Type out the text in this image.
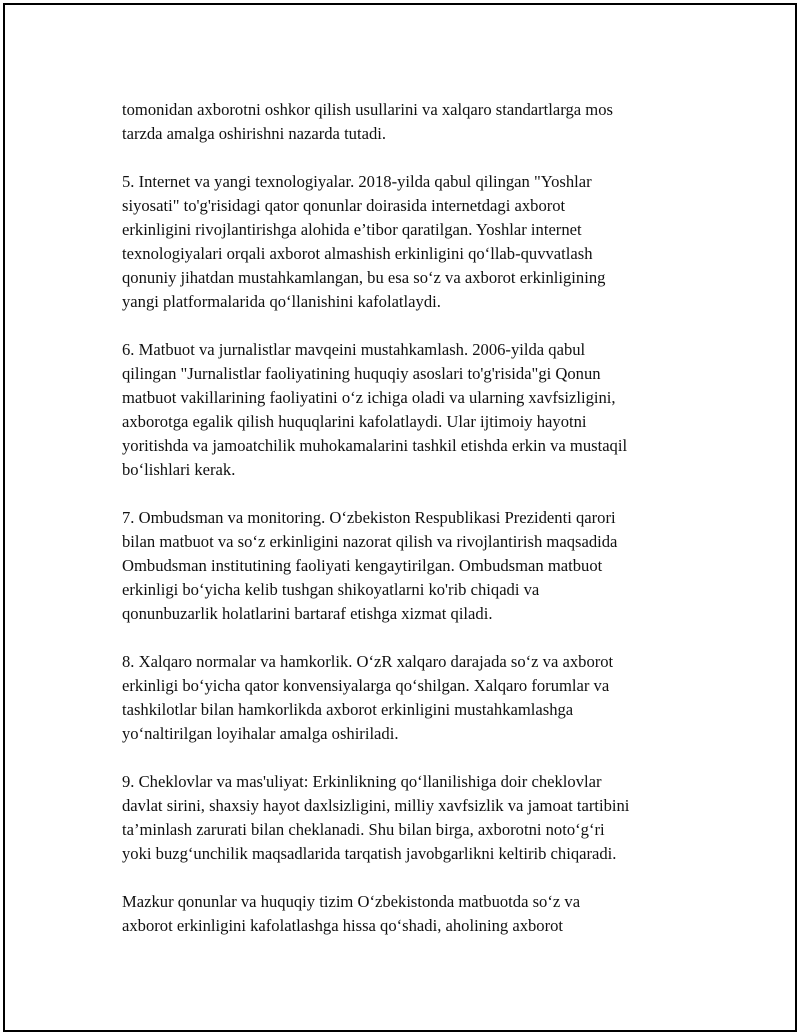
tomonidan axborotni oshkor qilish usullarini va xalqaro standartlarga mos
tarzda amalga oshirishni nazarda tutadi.

5. Internet va yangi texnologiyalar. 2018-yilda qabul qilingan "Yoshlar
siyosati" to'g'risidagi qator qonunlar doirasida internetdagi axborot
erkinligini rivojlantirishga alohida e’tibor qaratilgan. Yoshlar internet
texnologiyalari orqali axborot almashish erkinligini qo‘llab-quvvatlash
qonuniy jihatdan mustahkamlangan, bu esa so‘z va axborot erkinligining
yangi platformalarida qo‘llanishini kafolatlaydi.

6. Matbuot va jurnalistlar mavqeini mustahkamlash. 2006-yilda qabul
qilingan "Jurnalistlar faoliyatining huquqiy asoslari to'g'risida"gi Qonun
matbuot vakillarining faoliyatini o‘z ichiga oladi va ularning xavfsizligini,
axborotga egalik qilish huquqlarini kafolatlaydi. Ular ijtimoiy hayotni
yoritishda va jamoatchilik muhokamalarini tashkil etishda erkin va mustaqil
bo‘lishlari kerak.

7. Ombudsman va monitoring. O‘zbekiston Respublikasi Prezidenti qarori
bilan matbuot va so‘z erkinligini nazorat qilish va rivojlantirish maqsadida
Ombudsman institutining faoliyati kengaytirilgan. Ombudsman matbuot
erkinligi bo‘yicha kelib tushgan shikoyatlarni ko'rib chiqadi va
qonunbuzarlik holatlarini bartaraf etishga xizmat qiladi.

8. Xalqaro normalar va hamkorlik. O‘zR xalqaro darajada so‘z va axborot
erkinligi bo‘yicha qator konvensiyalarga qo‘shilgan. Xalqaro forumlar va
tashkilotlar bilan hamkorlikda axborot erkinligini mustahkamlashga
yo‘naltirilgan loyihalar amalga oshiriladi.

9. Cheklovlar va mas'uliyat: Erkinlikning qo‘llanilishiga doir cheklovlar
davlat sirini, shaxsiy hayot daxlsizligini, milliy xavfsizlik va jamoat tartibini
ta’minlash zarurati bilan cheklanadi. Shu bilan birga, axborotni noto‘g‘ri
yoki buzg‘unchilik maqsadlarida tarqatish javobgarlikni keltirib chiqaradi.

Mazkur qonunlar va huquqiy tizim O‘zbekistonda matbuotda so‘z va
axborot erkinligini kafolatlashga hissa qo‘shadi, aholining axborot
